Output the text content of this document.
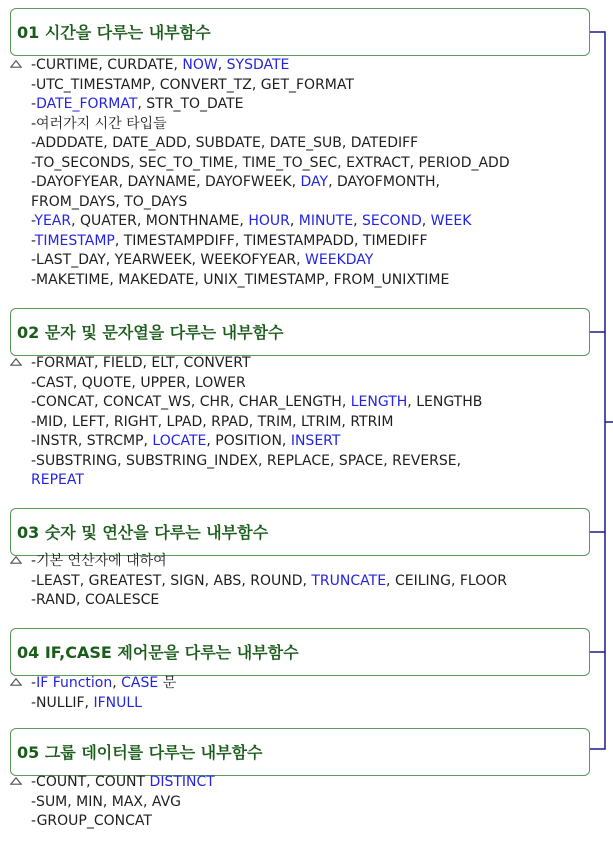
01 시간을 다루는 내부함수
-CURTIME, CURDATE, NOW, SYSDATE
-UTC_TIMESTAMP, CONVERT_TZ, GET_FORMAT
-DATE_FORMAT, STR_TO_DATE
-여러가지 시간 타입들
-ADDDATE, DATE_ADD, SUBDATE, DATE_SUB, DATEDIFF
-TO_SECONDS, SEC_TO_TIME, TIME_TO_SEC, EXTRACT, PERIOD_ADD
-DAYOFYEAR, DAYNAME, DAYOFWEEK, DAY, DAYOFMONTH,
FROM_DAYS, TO_DAYS
-YEAR, QUATER, MONTHNAME, HOUR, MINUTE, SECOND, WEEK
-TIMESTAMP, TIMESTAMPDIFF, TIMESTAMPADD, TIMEDIFF
-LAST_DAY, YEARWEEK, WEEKOFYEAR, WEEKDAY
-MAKETIME, MAKEDATE, UNIX_TIMESTAMP, FROM_UNIXTIME
02 문자 및 문자열을 다루는 내부함수
-FORMAT, FIELD, ELT, CONVERT
-CAST, QUOTE, UPPER, LOWER
-CONCAT, CONCAT_WS, CHR, CHAR_LENGTH, LENGTH, LENGTHB
-MID, LEFT, RIGHT, LPAD, RPAD, TRIM, LTRIM, RTRIM
-INSTR, STRCMP, LOCATE, POSITION, INSERT
-SUBSTRING, SUBSTRING_INDEX, REPLACE, SPACE, REVERSE,
REPEAT
03 숫자 및 연산을 다루는 내부함수
-기본 연산자에 대하여
-LEAST, GREATEST, SIGN, ABS, ROUND, TRUNCATE, CEILING, FLOOR
-RAND, COALESCE
04 IF,CASE 제어문을 다루는 내부함수
-IF Function, CASE 문
-NULLIF, IFNULL
05 그룹 데이터를 다루는 내부함수
-COUNT, COUNT DISTINCT
-SUM, MIN, MAX, AVG
-GROUP_CONCAT
